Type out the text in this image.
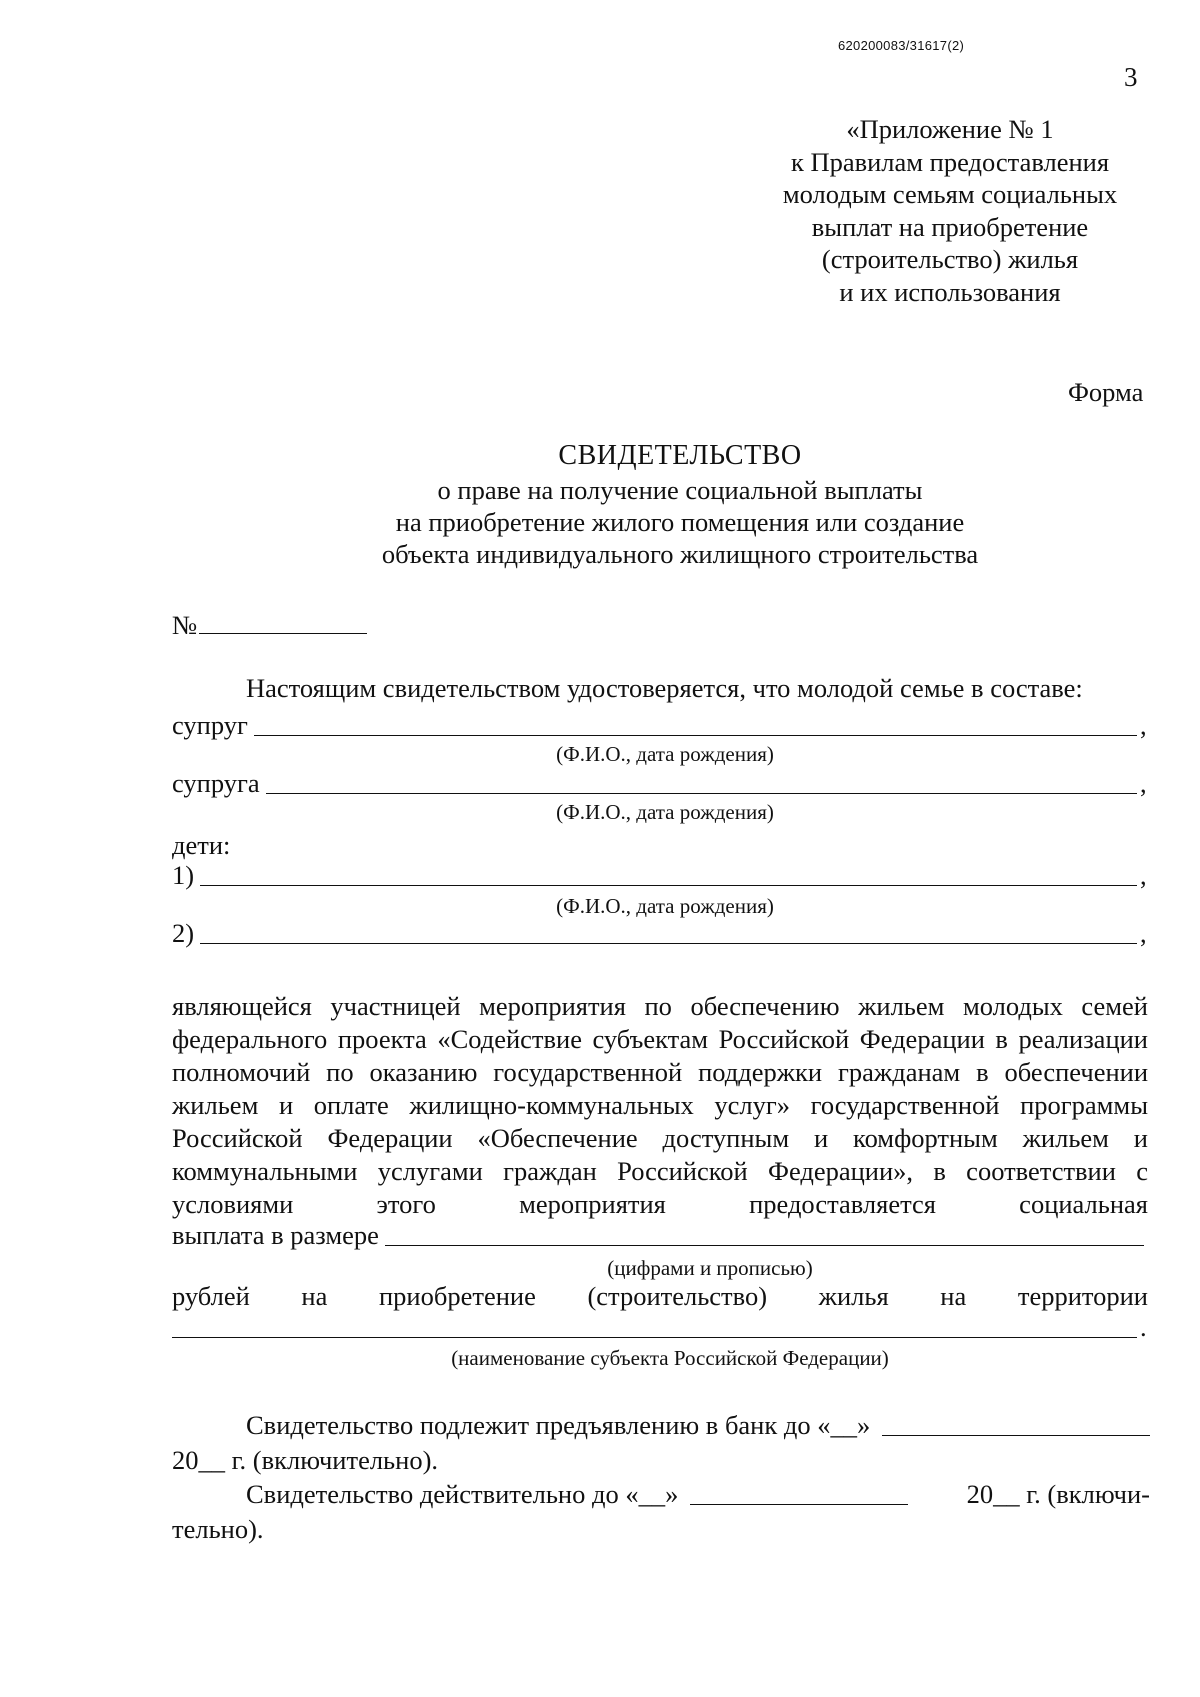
620200083/31617(2)
3
«Приложение № 1
к Правилам предоставления
молодым семьям социальных
выплат на приобретение
(строительство) жилья
и их использования
Форма
СВИДЕТЕЛЬСТВО
о праве на получение социальной выплаты
на приобретение жилого помещения или создание
объекта индивидуального жилищного строительства
№
Настоящим свидетельством удостоверяется, что молодой семье в составе:
супруг	,
(Ф.И.О., дата рождения)
супруга	,
(Ф.И.О., дата рождения)
дети:
1)	,
(Ф.И.О., дата рождения)
2)	,
являющейся участницей мероприятия по обеспечению жильем молодых семей федерального проекта «Содействие субъектам Российской Федерации в реализации полномочий по оказанию государственной поддержки гражданам в обеспечении жильем и оплате жилищно-коммунальных услуг» государственной программы Российской Федерации «Обеспечение доступным и комфортным жильем и коммунальными услугами граждан Российской Федерации», в соответствии с условиями этого мероприятия предоставляется социальная
выплата в размере
(цифрами и прописью)
рублей на приобретение (строительство) жилья на территории
.
(наименование субъекта Российской Федерации)
Свидетельство подлежит предъявлению в банк до «__»
20__ г. (включительно).
Свидетельство действительно до «__»	20__ г. (включи-
тельно).
